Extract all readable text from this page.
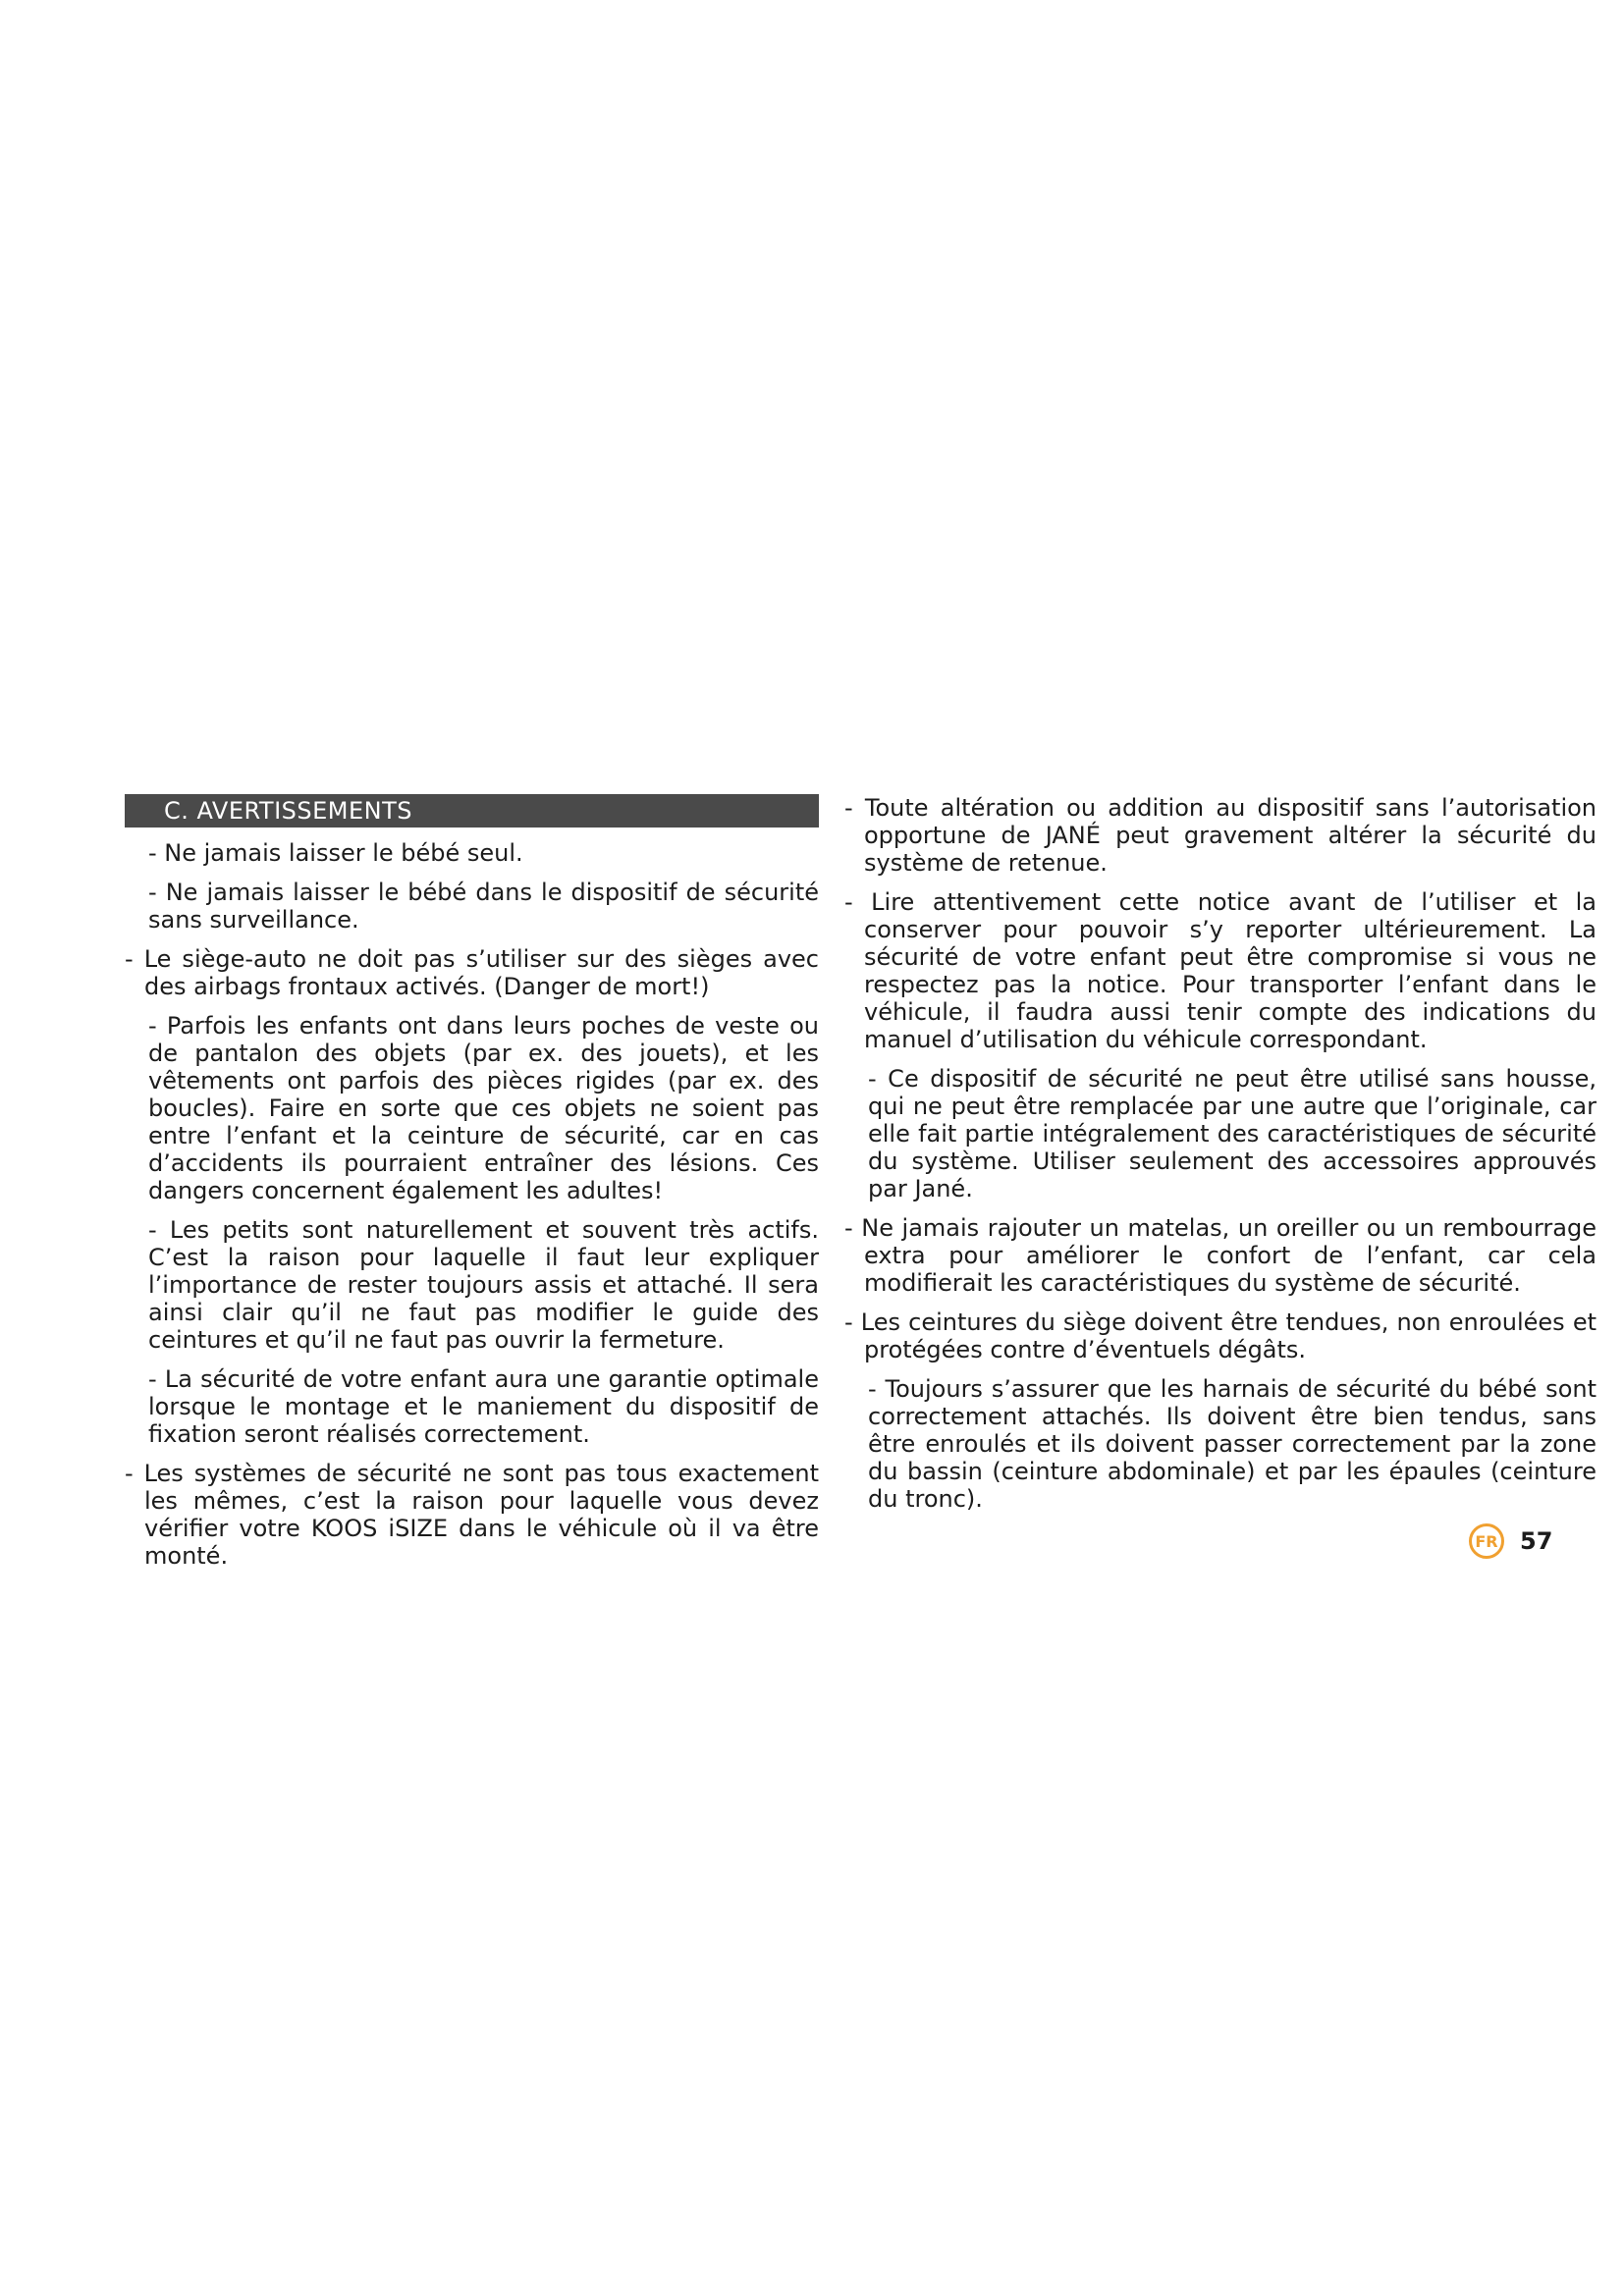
C. AVERTISSEMENTS

- Ne jamais laisser le bébé seul.

- Ne jamais laisser le bébé dans le dispositif de sécurité sans surveillance.

- Le siège-auto ne doit pas s’utiliser sur des sièges avec des airbags frontaux activés. (Danger de mort!)

- Parfois les enfants ont dans leurs poches de veste ou de pantalon des objets (par ex. des jouets), et les vêtements ont parfois des pièces rigides (par ex. des boucles). Faire en sorte que ces objets ne soient pas entre l’enfant et la ceinture de sécurité, car en cas d’accidents ils pourraient entraîner des lésions. Ces dangers concernent également les adultes!

- Les petits sont naturellement et souvent très actifs. C’est la raison pour laquelle il faut leur expliquer l’importance de rester toujours assis et attaché. Il sera ainsi clair qu’il ne faut pas modifier le guide des ceintures et qu’il ne faut pas ouvrir la fermeture.

- La sécurité de votre enfant aura une garantie optimale lorsque le montage et le maniement du dispositif de fixation seront réalisés correctement.

- Les systèmes de sécurité ne sont pas tous exactement les mêmes, c’est la raison pour laquelle vous devez vérifier votre KOOS iSIZE dans le véhicule où il va être monté.

- Toute altération ou addition au dispositif sans l’autorisation opportune de JANÉ peut gravement altérer la sécurité du système de retenue.

- Lire attentivement cette notice avant de l’utiliser et la conserver pour pouvoir s’y reporter ultérieurement. La sécurité de votre enfant peut être compromise si vous ne respectez pas la notice. Pour transporter l’enfant dans le véhicule, il faudra aussi tenir compte des indications du manuel d’utilisation du véhicule correspondant.

- Ce dispositif de sécurité ne peut être utilisé sans housse, qui ne peut être remplacée par une autre que l’originale, car elle fait partie intégralement des caractéristiques de sécurité du système. Utiliser seulement des accessoires approuvés par Jané.

- Ne jamais rajouter un matelas, un oreiller ou un rembourrage extra pour améliorer le confort de l’enfant, car cela modifierait les caractéristiques du système de sécurité.

- Les ceintures du siège doivent être tendues, non enroulées et protégées contre d’éventuels dégâts.

- Toujours s’assurer que les harnais de sécurité du bébé sont correctement attachés. Ils doivent être bien tendus, sans être enroulés et ils doivent passer correctement par la zone du bassin (ceinture abdominale) et par les épaules (ceinture du tronc).

FR 57
